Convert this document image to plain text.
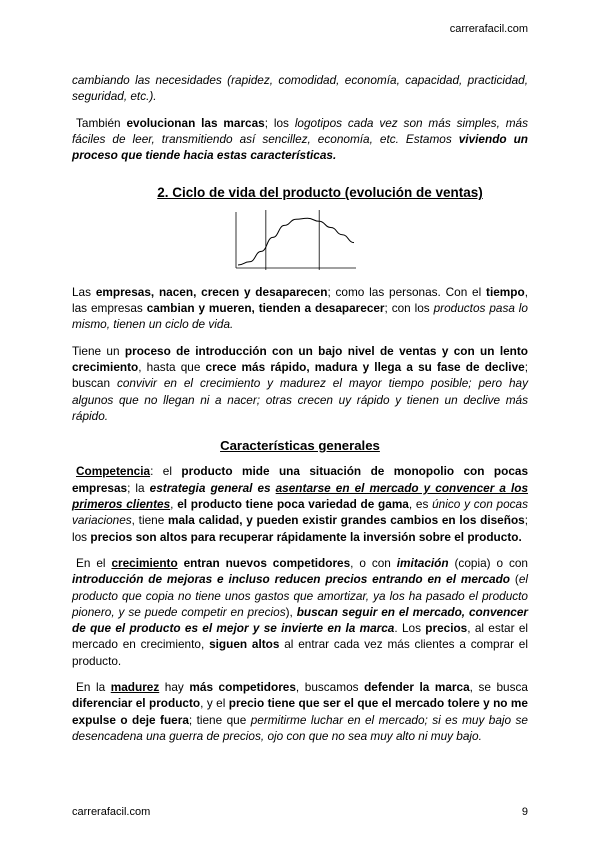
carrerafacil.com

cambiando las necesidades (rapidez, comodidad, economía, capacidad, practicidad, seguridad, etc.).

También evolucionan las marcas; los logotipos cada vez son más simples, más fáciles de leer, transmitiendo así sencillez, economía, etc. Estamos viviendo un proceso que tiende hacia estas características.

2. Ciclo de vida del producto (evolución de ventas)

Las empresas, nacen, crecen y desaparecen; como las personas. Con el tiempo, las empresas cambian y mueren, tienden a desaparecer; con los productos pasa lo mismo, tienen un ciclo de vida.

Tiene un proceso de introducción con un bajo nivel de ventas y con un lento crecimiento, hasta que crece más rápido, madura y llega a su fase de declive; buscan convivir en el crecimiento y madurez el mayor tiempo posible; pero hay algunos que no llegan ni a nacer; otras crecen uy rápido y tienen un declive más rápido.

Características generales

Competencia: el producto mide una situación de monopolio con pocas empresas; la estrategia general es asentarse en el mercado y convencer a los primeros clientes, el producto tiene poca variedad de gama, es único y con pocas variaciones, tiene mala calidad, y pueden existir grandes cambios en los diseños; los precios son altos para recuperar rápidamente la inversión sobre el producto.

En el crecimiento entran nuevos competidores, o con imitación (copia) o con introducción de mejoras e incluso reducen precios entrando en el mercado (el producto que copia no tiene unos gastos que amortizar, ya los ha pasado el producto pionero, y se puede competir en precios), buscan seguir en el mercado, convencer de que el producto es el mejor y se invierte en la marca. Los precios, al estar el mercado en crecimiento, siguen altos al entrar cada vez más clientes a comprar el producto.

En la madurez hay más competidores, buscamos defender la marca, se busca diferenciar el producto, y el precio tiene que ser el que el mercado tolere y no me expulse o deje fuera; tiene que permitirme luchar en el mercado; si es muy bajo se desencadena una guerra de precios, ojo con que no sea muy alto ni muy bajo.

carrerafacil.com	9
